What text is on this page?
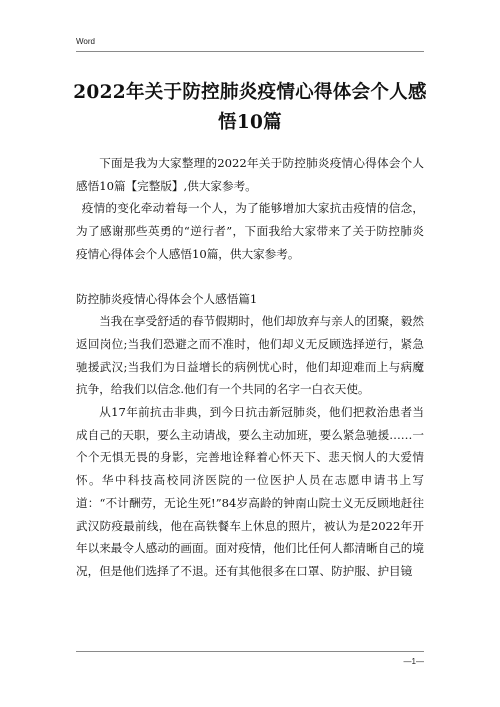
Word
2022年关于防控肺炎疫情心得体会个人感悟10篇

下面是我为大家整理的2022年关于防控肺炎疫情心得体会个人感悟10篇【完整版】,供大家参考。

疫情的变化牵动着每一个人，为了能够增加大家抗击疫情的信念，为了感谢那些英勇的“逆行者”，下面我给大家带来了关于防控肺炎疫情心得体会个人感悟10篇，供大家参考。

防控肺炎疫情心得体会个人感悟篇1

当我在享受舒适的春节假期时，他们却放弃与亲人的团聚，毅然返回岗位;当我们恐避之而不准时，他们却义无反顾选择逆行，紧急驰援武汉;当我们为日益增长的病例忧心时，他们却迎难而上与病魔抗争，给我们以信念.他们有一个共同的名字一白衣天使。

从17年前抗击非典，到今日抗击新冠肺炎，他们把救治患者当成自己的天职，要么主动请战，要么主动加班，要么紧急驰援……一个个无惧无畏的身影，完善地诠释着心怀天下、悲天悯人的大爱情怀。华中科技高校同济医院的一位医护人员在志愿申请书上写道：“不计酬劳，无论生死!”84岁高龄的钟南山院士义无反顾地赶往武汉防疫最前线，他在高铁餐车上休息的照片，被认为是2022年开年以来最令人感动的画面。面对疫情，他们比任何人都清晰自己的境况，但是他们选择了不退。还有其他很多在口罩、防护服、护目镜

—1—
